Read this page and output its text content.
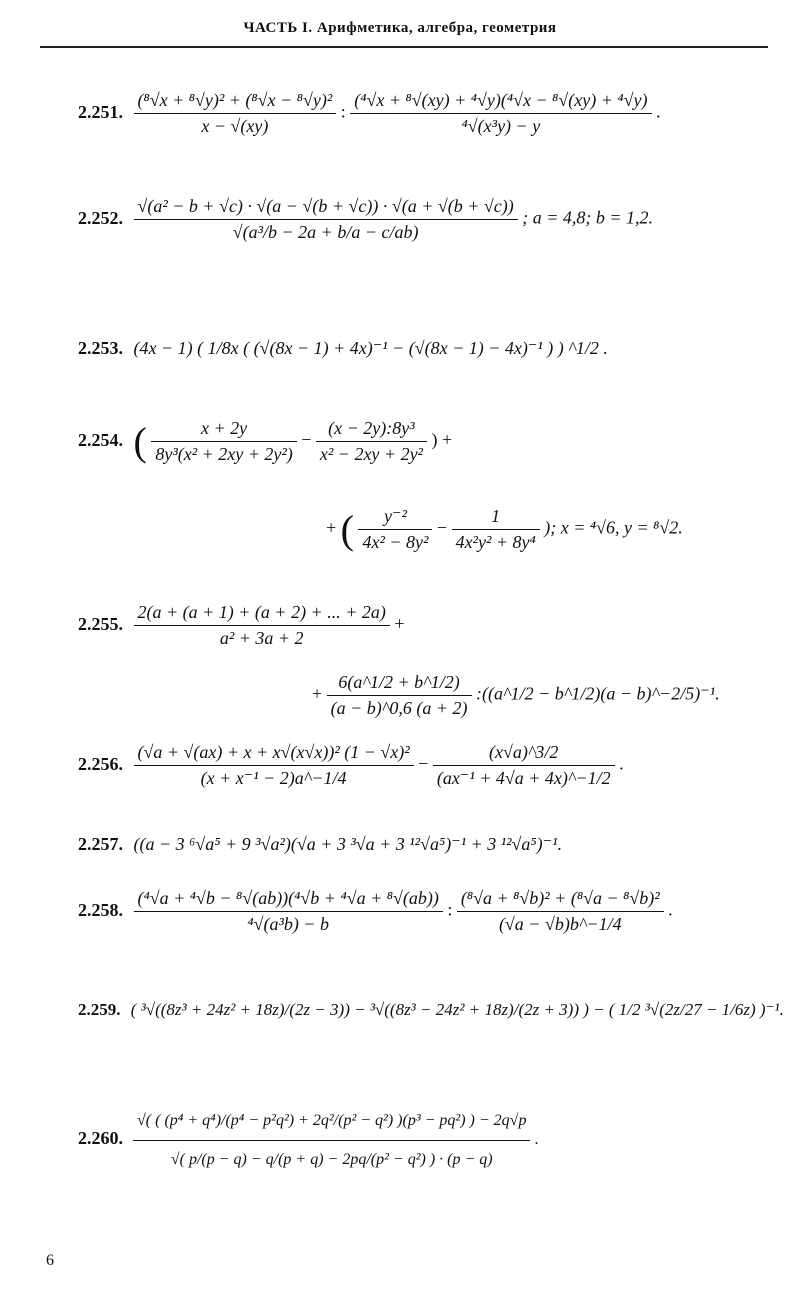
ЧАСТЬ I. Арифметика, алгебра, геометрия
2.251. $\frac{\text{(⁸√x + ⁸√y)² + (⁸√x − ⁸√y)²}}{x - √(xy)}$ : $\frac{\text{(⁴√x + ⁸√(xy) + ⁴√y)(⁴√x − ⁸√(xy) + ⁴√y)}}{\text{⁴√(x³y) − y}}$ .
2.252. $\frac{\text{√(a² − b + √c) · √(a − √(b + √c)) · √(a + √(b + √c))}}{\text{√(a³/b − 2a + b/a − c/ab)}}$ ; a = 4,8; b = 1,2.
2.253. (4x − 1) ( 1/8x ( (√(8x − 1) + 4x)⁻¹ − (√(8x − 1) − 4x)⁻¹ ) ) ^1/2 .
2.254. ( $\frac{x + 2y}{\text{8y³(x² + 2xy + 2y²)}} - \frac{\text{(x − 2y):8y³}}{\text{x² − 2xy + 2y²}}$ ) +
+ ( $\frac{\text{y⁻²}}{\text{4x² − 8y²}} - \frac{1}{\text{4x²y² + 8y⁴}}$ ); x = ⁴√6, y = ⁸√2.
2.255. $\frac{2(a + (a + 1) + (a + 2) + ... + 2a)}{\text{a² + 3a + 2}}$ +
+ $\frac{6(a\^{}1/2 + b\^{}1/2)}{(a - b)\^{}0,6 (a + 2)}$ :((a^1/2 − b^1/2)(a − b)^−2/5)⁻¹.
2.256. $\frac{\text{(√a + √(ax) + x + x√(x√x))² (1 − √x)²}}{\text{(x + x⁻¹ − 2)a\textasciicircum{}−1/4}} - \frac{(x√a)\^{}3/2}{\text{(ax⁻¹ + 4√a + 4x)\textasciicircum{}−1/2}}$ .
2.257. ((a − 3 ⁶√a⁵ + 9 ³√a²)(√a + 3 ³√a + 3 ¹²√a⁵)⁻¹ + 3 ¹²√a⁵)⁻¹.
2.258. $\frac{\text{(⁴√a + ⁴√b − ⁸√(ab))(⁴√b + ⁴√a + ⁸√(ab))}}{\text{⁴√(a³b) − b}}$ : $\frac{\text{(⁸√a + ⁸√b)² + (⁸√a − ⁸√b)²}}{(√a - √b)b\^{}-1/4}$ .
2.259. ( ³√((8z³ + 24z² + 18z)/(2z − 3)) − ³√((8z³ − 24z² + 18z)/(2z + 3)) ) − ( 1/2 ³√(2z/27 − 1/6z) )⁻¹.
2.260.
√( ( (p⁴ + q⁴)/(p⁴ − p²q²) + 2q²/(p² − q²) )(p³ − pq²) ) − 2q√p
√( p/(p − q) − q/(p + q) − 2pq/(p² − q²) ) · (p − q)
.
6
